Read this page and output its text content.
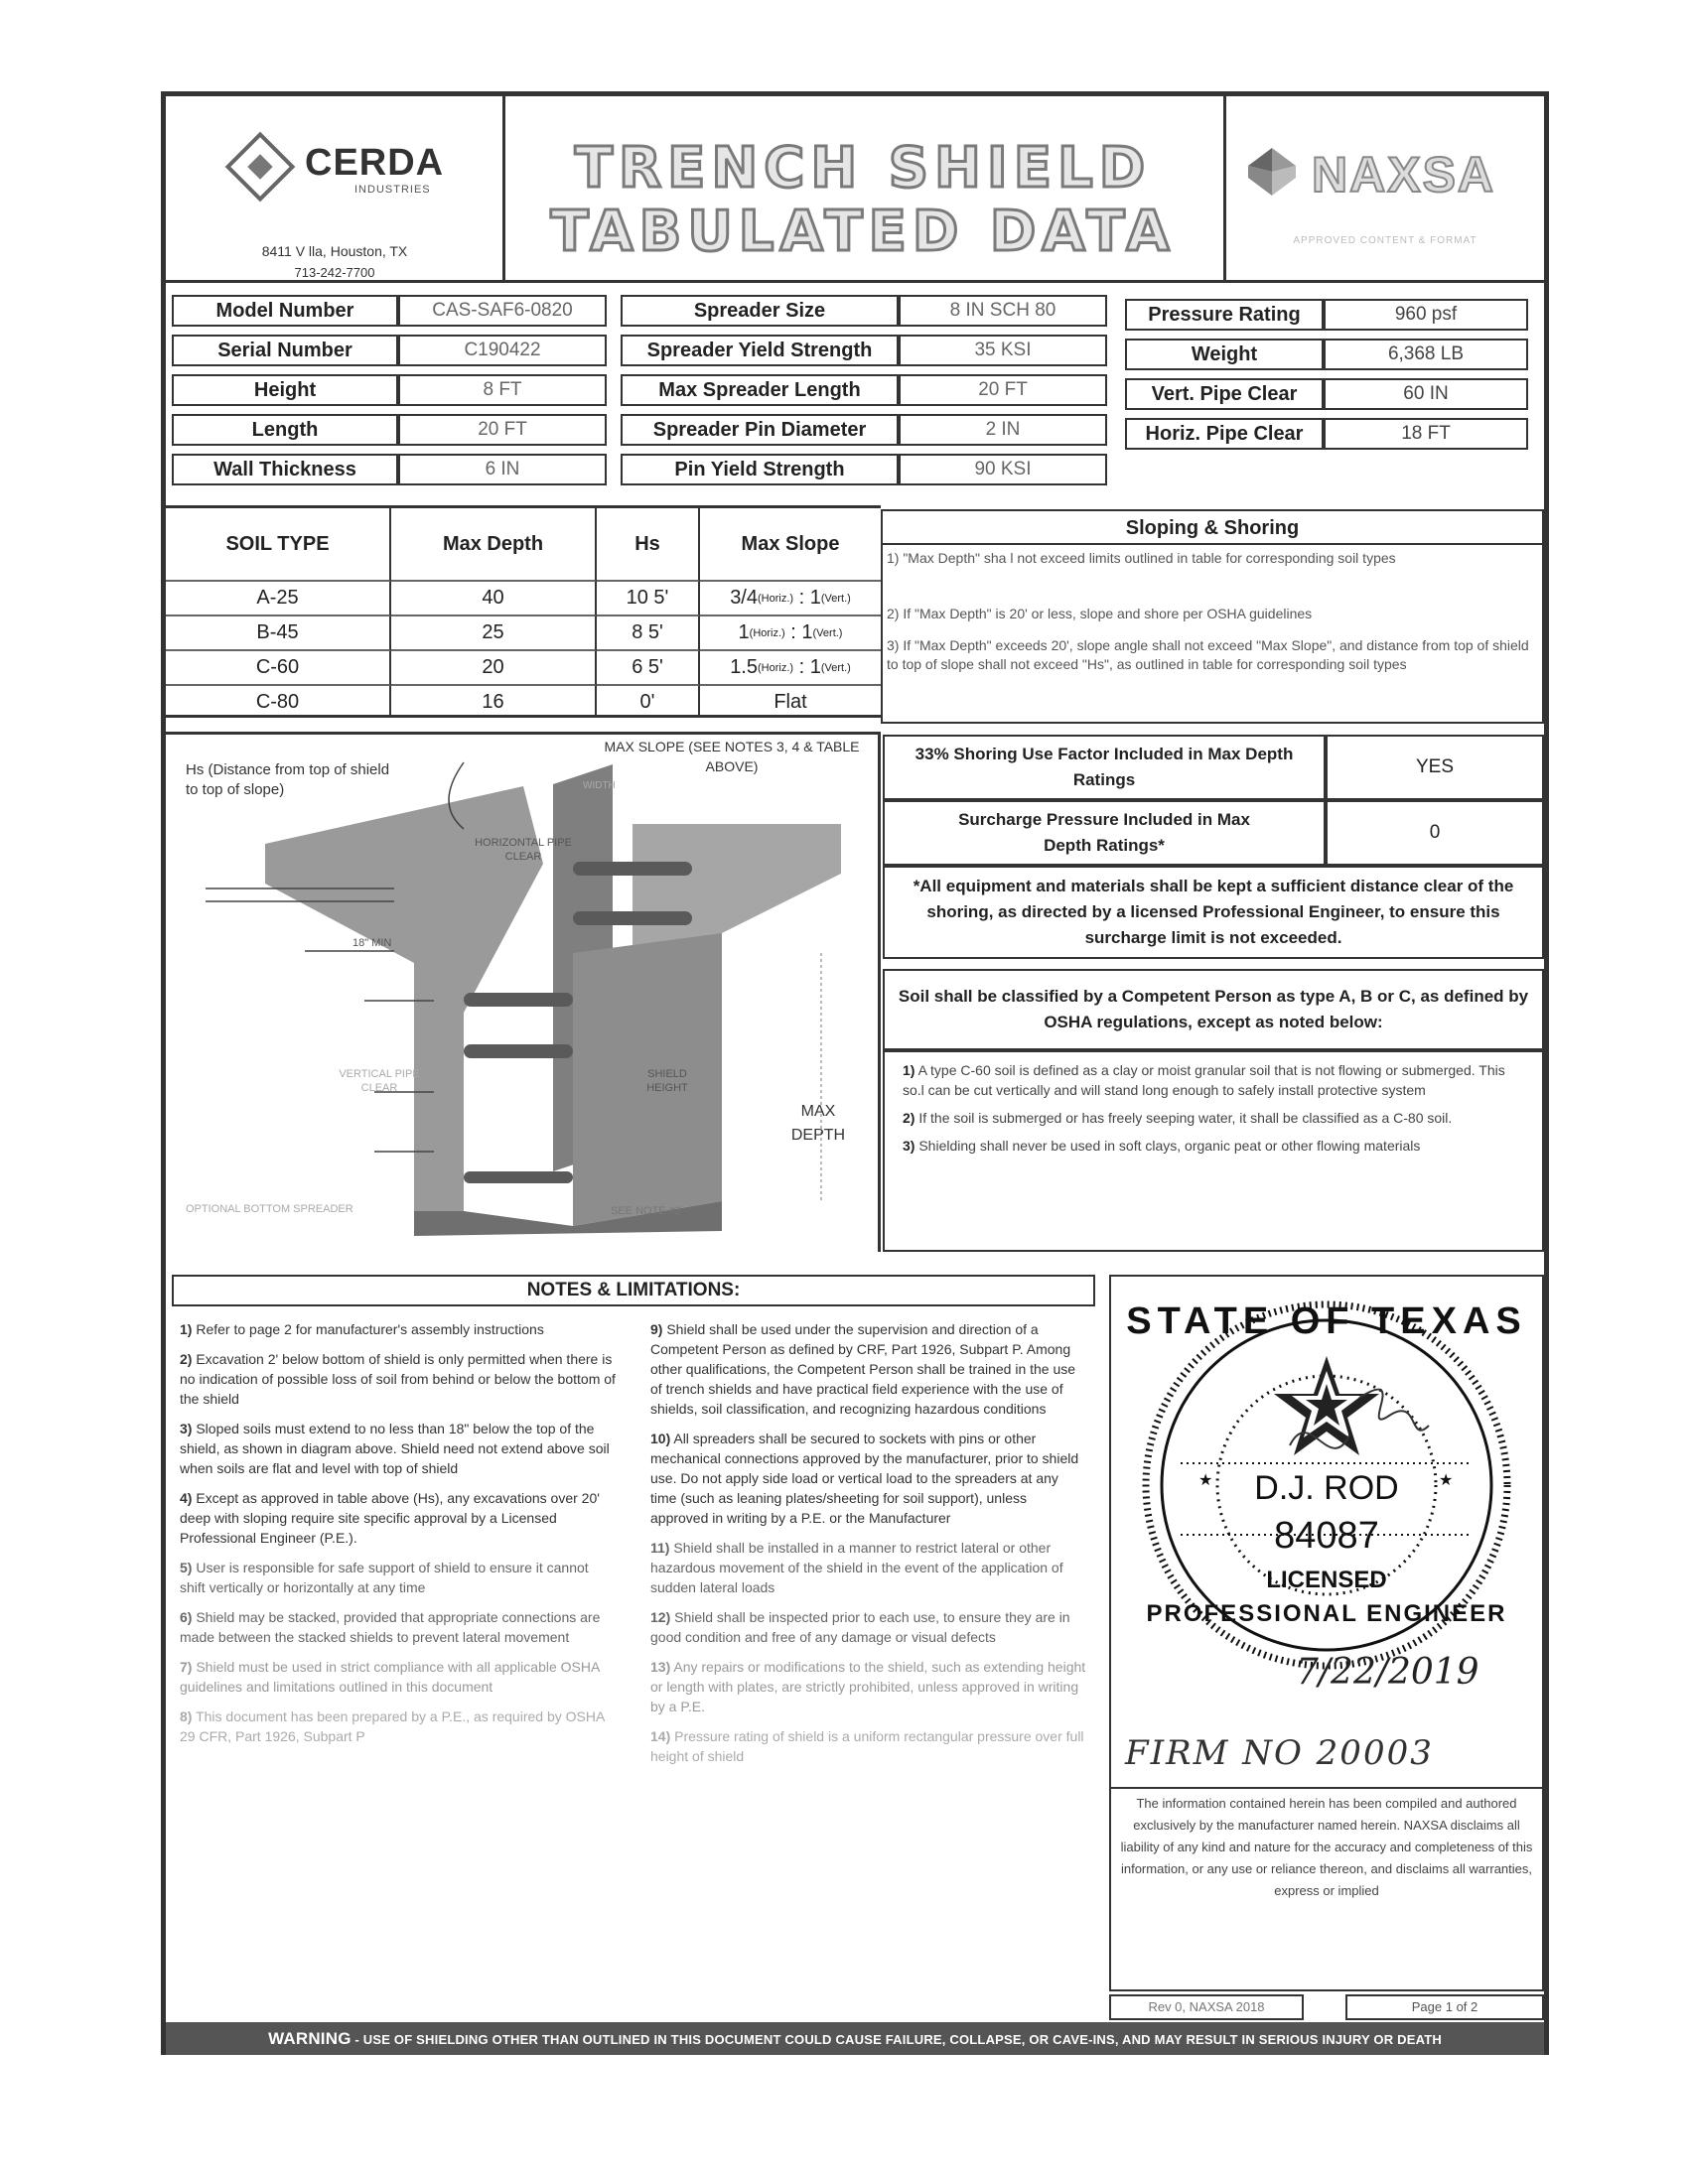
CERDA
INDUSTRIES
8411 V lla, Houston, TX
713-242-7700
TRENCH SHIELD
TABULATED DATA
NAXSA
APPROVED CONTENT & FORMAT
Model Number	CAS-SAF6-0820
Serial Number	C190422
Height	8 FT
Length	20 FT
Wall Thickness	6 IN
Spreader Size	8 IN SCH 80
Spreader Yield Strength	35 KSI
Max Spreader Length	20 FT
Spreader Pin Diameter	2 IN
Pin Yield Strength	90 KSI
Pressure Rating	960 psf
Weight	6,368 LB
Vert. Pipe Clear	60 IN
Horiz. Pipe Clear	18 FT
SOIL TYPE	Max Depth	Hs	Max Slope
A-25	40	10 5'	3/4 (Horiz.) : 1 (Vert.)
B-45	25	8 5'	1 (Horiz.) : 1 (Vert.)
C-60	20	6 5'	1.5 (Horiz.) : 1 (Vert.)
C-80	16	0'	Flat
Sloping & Shoring
1) "Max Depth" sha l not exceed limits outlined in table for corresponding soil types
2) If "Max Depth" is 20' or less, slope and shore per OSHA guidelines
3) If "Max Depth" exceeds 20', slope angle shall not exceed "Max Slope", and distance from top of shield to top of slope shall not exceed "Hs", as outlined in table for corresponding soil types
Hs (Distance from top of shield to top of slope)
MAX SLOPE (SEE NOTES 3, 4 & TABLE ABOVE)
HORIZONTAL PIPE CLEAR
18" MIN
WIDTH
VERTICAL PIPE CLEAR
SHIELD HEIGHT
MAX DEPTH
OPTIONAL BOTTOM SPREADER	SEE NOTE #2
33% Shoring Use Factor Included in Max Depth Ratings
YES
Surcharge Pressure Included in Max Depth Ratings*
0
*All equipment and materials shall be kept a sufficient distance clear of the shoring, as directed by a licensed Professional Engineer, to ensure this surcharge limit is not exceeded.
Soil shall be classified by a Competent Person as type A, B or C, as defined by OSHA regulations, except as noted below:

1) A type C-60 soil is defined as a clay or moist granular soil that is not flowing or submerged. This so.l can be cut vertically and will stand long enough to safely install protective system

2) If the soil is submerged or has freely seeping water, it shall be classified as a C-80 soil.

3) Shielding shall never be used in soft clays, organic peat or other flowing materials

NOTES & LIMITATIONS:

1) Refer to page 2 for manufacturer's assembly instructions

2) Excavation 2' below bottom of shield is only permitted when there is no indication of possible loss of soil from behind or below the bottom of the shield

3) Sloped soils must extend to no less than 18" below the top of the shield, as shown in diagram above. Shield need not extend above soil when soils are flat and level with top of shield

4) Except as approved in table above (Hs), any excavations over 20' deep with sloping require site specific approval by a Licensed Professional Engineer (P.E.).

5) User is responsible for safe support of shield to ensure it cannot shift vertically or horizontally at any time

6) Shield may be stacked, provided that appropriate connections are made between the stacked shields to prevent lateral movement

7) Shield must be used in strict compliance with all applicable OSHA guidelines and limitations outlined in this document

8) This document has been prepared by a P.E., as required by OSHA 29 CFR, Part 1926, Subpart P

9) Shield shall be used under the supervision and direction of a Competent Person as defined by CRF, Part 1926, Subpart P. Among other qualifications, the Competent Person shall be trained in the use of trench shields and have practical field experience with the use of shields, soil classification, and recognizing hazardous conditions

10) All spreaders shall be secured to sockets with pins or other mechanical connections approved by the manufacturer, prior to shield use. Do not apply side load or vertical load to the spreaders at any time (such as leaning plates/sheeting for soil support), unless approved in writing by a P.E. or the Manufacturer

11) Shield shall be installed in a manner to restrict lateral or other hazardous movement of the shield in the event of the application of sudden lateral loads

12) Shield shall be inspected prior to each use, to ensure they are in good condition and free of any damage or visual defects

13) Any repairs or modifications to the shield, such as extending height or length with plates, are strictly prohibited, unless approved in writing by a P.E.

14) Pressure rating of shield is a uniform rectangular pressure over full height of shield

★	★
STATE OF TEXAS
D.J. ROD
84087
LICENSED
PROFESSIONAL ENGINEER
7/22/2019
FIRM NO 20003
The information contained herein has been compiled and authored exclusively by the manufacturer named herein. NAXSA disclaims all liability of any kind and nature for the accuracy and completeness of this information, or any use or reliance thereon, and disclaims all warranties, express or implied
Rev 0, NAXSA 2018	Page 1 of 2
WARNING - USE OF SHIELDING OTHER THAN OUTLINED IN THIS DOCUMENT COULD CAUSE FAILURE, COLLAPSE, OR CAVE-INS, AND MAY RESULT IN SERIOUS INJURY OR DEATH
